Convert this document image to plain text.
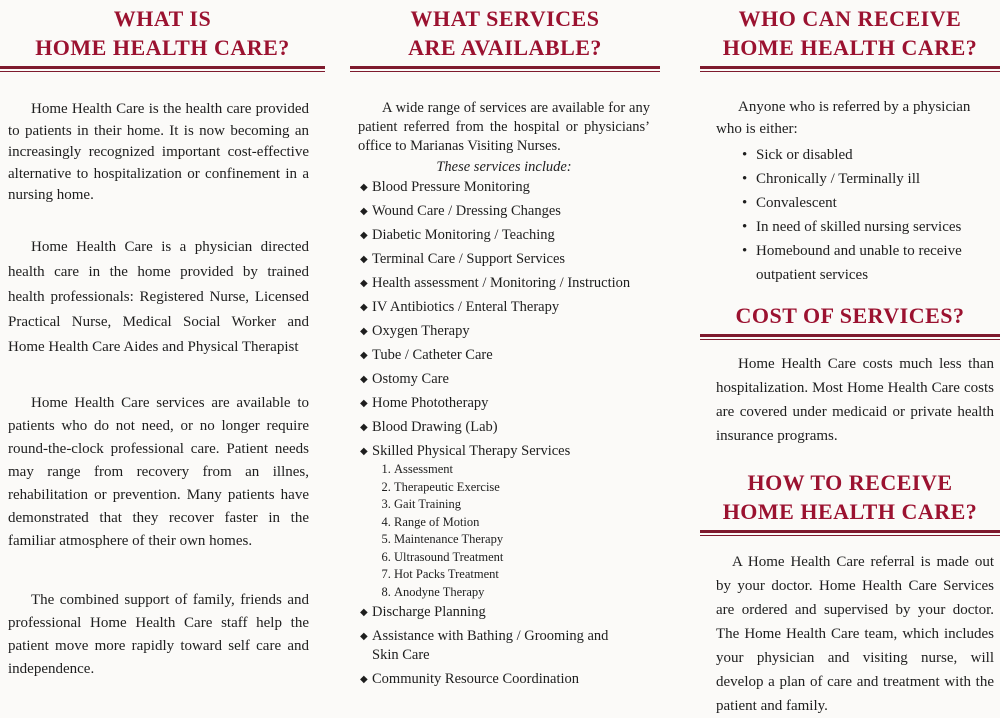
WHAT IS
HOME HEALTH CARE?

Home Health Care is the health care provided to patients in their home. It is now becoming an increasingly recognized important cost-effective alternative to hospitalization or confinement in a nursing home.

Home Health Care is a physician directed health care in the home provided by trained health professionals: Registered Nurse, Licensed Practical Nurse, Medical Social Worker and Home Health Care Aides and Physical Therapist

Home Health Care services are available to patients who do not need, or no longer require round-the-clock professional care. Patient needs may range from recovery from an illnes, rehabilitation or prevention. Many patients have demonstrated that they recover faster in the familiar atmosphere of their own homes.

The combined support of family, friends and professional Home Health Care staff help the patient move more rapidly toward self care and independence.

WHAT SERVICES
ARE AVAILABLE?

A wide range of services are available for any patient referred from the hospital or physicians’ office to Marianas Visiting Nurses.

These services include:
◆ Blood Pressure Monitoring
◆ Wound Care / Dressing Changes
◆ Diabetic Monitoring / Teaching
◆ Terminal Care / Support Services
◆ Health assessment / Monitoring / Instruction
◆ IV Antibiotics / Enteral Therapy
◆ Oxygen Therapy
◆ Tube / Catheter Care
◆ Ostomy Care
◆ Home Phototherapy
◆ Blood Drawing (Lab)
◆ Skilled Physical Therapy Services
1. Assessment
2. Therapeutic Exercise
3. Gait Training
4. Range of Motion
5. Maintenance Therapy
6. Ultrasound Treatment
7. Hot Packs Treatment
8. Anodyne Therapy
◆ Discharge Planning
◆ Assistance with Bathing / Grooming and Skin Care
◆ Community Resource Coordination
WHO CAN RECEIVE
HOME HEALTH CARE?

Anyone who is referred by a physician who is either:

• Sick or disabled
• Chronically / Terminally ill
• Convalescent
• In need of skilled nursing services
• Homebound and unable to receive outpatient services
COST OF SERVICES?

Home Health Care costs much less than hospitalization. Most Home Health Care costs are covered under medicaid or private health insurance programs.

HOW TO RECEIVE
HOME HEALTH CARE?

A Home Health Care referral is made out by your doctor. Home Health Care Services are ordered and supervised by your doctor. The Home Health Care team, which includes your physician and visiting nurse, will develop a plan of care and treatment with the patient and family.
